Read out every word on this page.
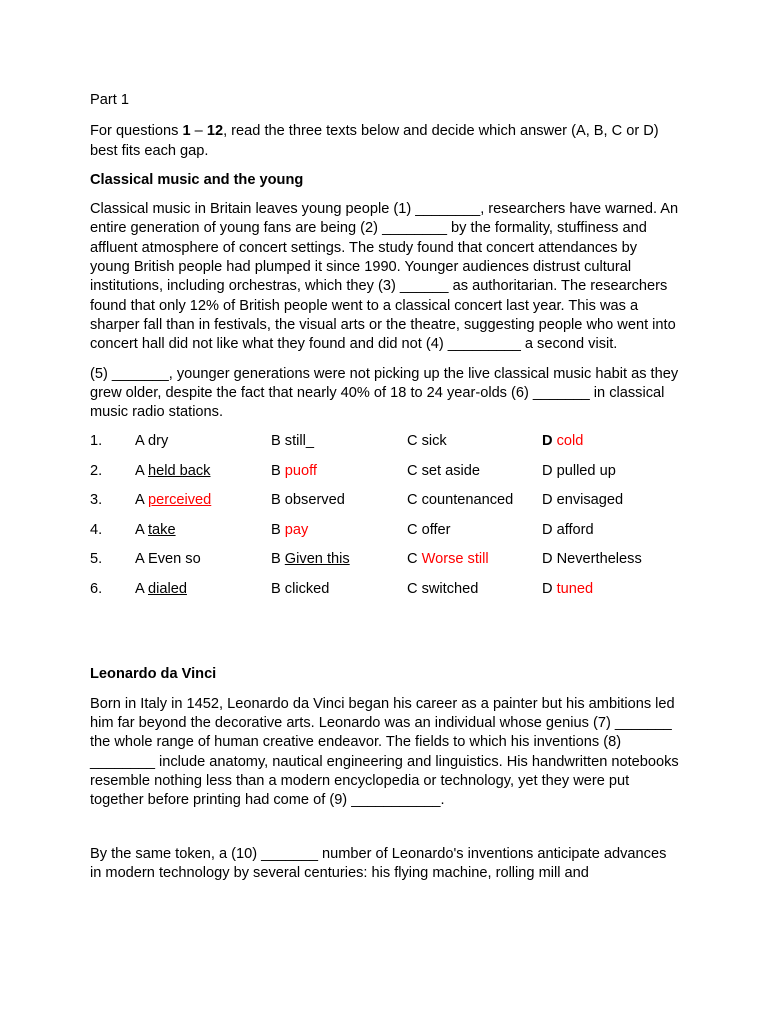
Part 1

For questions 1 – 12, read the three texts below and decide which answer (A, B, C or D) best fits each gap.

Classical music and the young

Classical music in Britain leaves young people (1) ________, researchers have warned. An entire generation of young fans are being (2) ________ by the formality, stuffiness and affluent atmosphere of concert settings. The study found that concert attendances by young British people had plumped it since 1990. Younger audiences distrust cultural institutions, including orchestras, which they (3) ______ as authoritarian. The researchers found that only 12% of British people went to a classical concert last year. This was a sharper fall than in festivals, the visual arts or the theatre, suggesting people who went into concert hall did not like what they found and did not (4) _________ a second visit.

(5) _______, younger generations were not picking up the live classical music habit as they grew older, despite the fact that nearly 40% of 18 to 24 year-olds (6) _______ in classical music radio stations.

1. A dry	B still_	C sick	D cold
2. A held back	B puoff	C set aside	D pulled up
3. A perceived	B observed	C countenanced D envisaged
4. A take	B pay	C offer	D afford
5. A Even so	B Given this	C Worse still	D Nevertheless
6. A dialed	B clicked	C switched	D tuned

Leonardo da Vinci

Born in Italy in 1452, Leonardo da Vinci began his career as a painter but his ambitions led him far beyond the decorative arts. Leonardo was an individual whose genius (7) _______ the whole range of human creative endeavor. The fields to which his inventions (8) ________ include anatomy, nautical engineering and linguistics. His handwritten notebooks resemble nothing less than a modern encyclopedia or technology, yet they were put together before printing had come of (9) ___________.

By the same token, a (10) _______ number of Leonardo's inventions anticipate advances in modern technology by several centuries: his flying machine, rolling mill and
